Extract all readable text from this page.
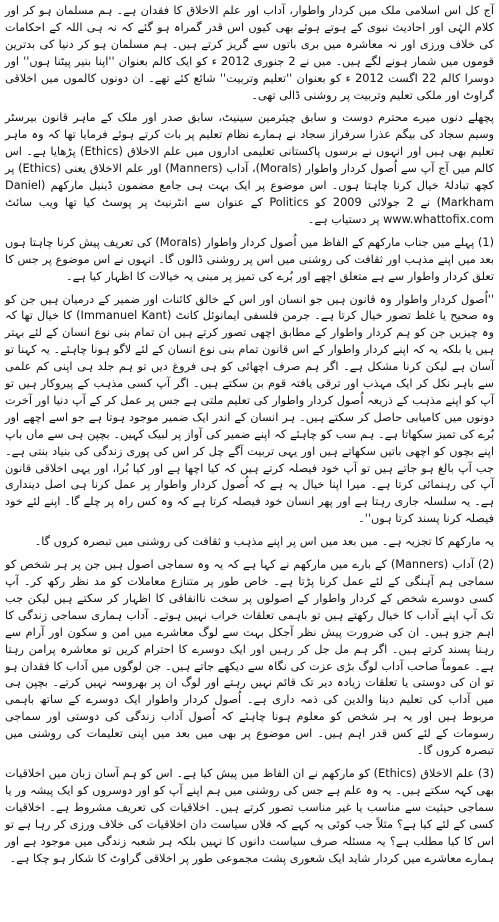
آج کل اس اسلامی ملک میں کردار واطوار، آداب اور علم الاخلاق کا فقدان ہے۔ ہم مسلمان ہو کر اور کلام الہٰی اور احادیث نبوی کے ہوتے ہوئے بھی کیوں اس قدر گمراہ ہو گئے کہ نہ ہی اللہ کے احکامات کی خلاف ورزی اور نہ معاشرہ میں بری باتوں سے گریز کرتے ہیں۔ ہم مسلمان ہو کر دنیا کی بدترین قوموں میں شمار ہونے لگے ہیں۔ میں نے 2 جنوری 2012 ء کو ایک کالم بعنوان ''اپنا بنیر پیٹنا ہوں'' اور دوسرا کالم 22 اگست 2012 ء کو بعنوان ''تعلیم وتربیت'' شائع کئے تھے۔ ان دونوں کالموں میں اخلاقی گراوٹ اور ملکی تعلیم وتربیت پر روشنی ڈالی تھی۔

پچھلے دنوں میرے محترم دوست و سابق چیئرمین سینیٹ، سابق صدر اور ملک کے ماہر قانون بیرسٹر وسیم سجاد کی بیگم عذرا سرفراز سجاد نے ہمارے نظام تعلیم پر بات کرتے ہوئے فرمایا تھا کہ وہ ماہر تعلیم بھی ہیں اور انہوں نے برسوں پاکستانی تعلیمی اداروں میں علم الاخلاق (Ethics) پڑھایا ہے۔ اس کالم میں آج آپ سے اُصول کردار واطوار (Morals)، آداب (Manners) اور علم الاخلاق یعنی (Ethics) پر کچھ تبادلۂ خیال کرنا چاہتا ہوں۔ اس موضوع پر ایک بہت ہی جامع مضمون ڈینیل مارکھم (Daniel Markham) نے 2 جولائی 2009 کو Politics کے عنوان سے انٹرنیٹ پر پوسٹ کیا تھا ویب سائٹ www.whattofix.com پر دستیاب ہے۔

(1) پہلے میں جناب مارکھم کے الفاظ میں اُصول کردار واطوار (Morals) کی تعریف پیش کرنا چاہتا ہوں بعد میں اپنے مذہب اور ثقافت کی روشنی میں اس پر روشنی ڈالوں گا۔ انہوں نے اس موضوع پر جس کا تعلق کردار واطوار سے ہے متعلق اچھے اور بُرے کی تمیز پر مبنی یہ خیالات کا اظہار کیا ہے۔

''اُصول کردار واطوار وہ قانون ہیں جو انسان اور اس کے خالق کائنات اور ضمیر کے درمیان ہیں جن کو وہ صحیح یا غلط تصور خیال کرتا ہے۔ جرمن فلسفی ایمانوئل کانٹ (Immanuel Kant) کا خیال تھا کہ وہ چیزیں جن کو ہم کردار واطوار کے مطابق اچھی تصور کرتے ہیں ان تمام بنی نوع انسان کے لئے بہتر ہیں یا بلکہ یہ کہ اپنے کردار واطوار کے اس قانون تمام بنی نوع انسان کے لئے لاگو ہونا چاہئے۔ یہ کہنا تو آسان ہے لیکن کرنا مشکل ہے۔ اگر ہم صرف اچھائی کو ہی فروغ دیں تو ہم جلد ہی اپنی کم علمی سے باہر نکل کر ایک مہذب اور ترقی یافتہ قوم بن سکتے ہیں۔ اگر آپ کسی مذہب کے پیروکار ہیں تو آپ کو اپنے مذہب کے ذریعہ اُصول کردار واطوار کی تعلیم ملتی ہے جس پر عمل کر کے آپ دنیا اور آخرت دونوں میں کامیابی حاصل کر سکتے ہیں۔ ہر انسان کے اندر ایک ضمیر موجود ہوتا ہے جو اسے اچھے اور بُرے کی تمیز سکھاتا ہے۔ ہم سب کو چاہئے کہ اپنے ضمیر کی آواز پر لبیک کہیں۔ بچپن ہی سے ماں باپ اپنے بچوں کو اچھی باتیں سکھاتے ہیں اور یہی تربیت آگے چل کر اس کی پوری زندگی کی بنیاد بنتی ہے۔ جب آپ بالغ ہو جاتے ہیں تو آپ خود فیصلہ کرتے ہیں کہ کیا اچھا ہے اور کیا بُرا، اور یہی اخلاقی قانون آپ کی رہنمائی کرتا ہے۔ میرا اپنا خیال یہ ہے کہ اُصول کردار واطوار پر عمل کرنا ہی اصل دینداری ہے۔ یہ سلسلہ جاری رہتا ہے اور پھر انسان خود فیصلہ کرتا ہے کہ وہ کس راہ پر چلے گا۔ اپنے لئے خود فیصلہ کرنا پسند کرتا ہوں''۔

یہ مارکھم کا تجزیہ ہے۔ میں بعد میں اس پر اپنے مذہب و ثقافت کی روشنی میں تبصرہ کروں گا۔

(2) آداب (Manners) کے بارے میں مارکھم نے کہا ہے کہ یہ وہ سماجی اصول ہیں جن پر ہر شخص کو سماجی ہم آہنگی کے لئے عمل کرنا پڑتا ہے۔ خاص طور پر متنازع معاملات کو مد نظر رکھ کر۔ آپ کسی دوسرے شخص کے کردار واطوار کے اصولوں پر سخت ناانفاقی کا اظہار کر سکتے ہیں لیکن جب تک آپ اپنے آداب کا خیال رکھتے ہیں تو باہمی تعلقات خراب نہیں ہوتے۔ آداب ہماری سماجی زندگی کا اہم جزو ہیں۔ ان کی ضرورت پیش نظر آجکل بہت سے لوگ معاشرے میں امن و سکون اور آرام سے رہنا پسند کرتے ہیں۔ اگر ہم مل جل کر رہیں اور ایک دوسرے کا احترام کریں تو معاشرہ پرامن رہتا ہے۔ عموماً صاحب آداب لوگ بڑی عزت کی نگاہ سے دیکھے جاتے ہیں۔ جن لوگوں میں آداب کا فقدان ہو تو ان کی دوستی یا تعلقات زیادہ دیر تک قائم نہیں رہتے اور لوگ ان پر بھروسہ نہیں کرتے۔ بچپن ہی میں آداب کی تعلیم دینا والدین کی ذمہ داری ہے۔ اُصول کردار واطوار ایک دوسرے کے ساتھ باہمی مربوط ہیں اور یہ ہر شخص کو معلوم ہونا چاہئے کہ اُصول آداب زندگی کی دوستی اور سماجی رسومات کے لئے کس قدر اہم ہیں۔ اس موضوع پر بھی میں بعد میں اپنی تعلیمات کی روشنی میں تبصرہ کروں گا۔

(3) علم الاخلاق (Ethics) کو مارکھم نے ان الفاظ میں پیش کیا ہے۔ اس کو ہم آسان زبان میں اخلاقیات بھی کہہ سکتے ہیں۔ یہ وہ علم ہے جس کی روشنی میں ہم اپنے آپ کو اور دوسروں کو ایک پیشہ ور یا سماجی حیثیت سے مناسب یا غیر مناسب تصور کرتے ہیں۔ اخلاقیات کی تعریف مشروط ہے۔ اخلاقیات کسی کے لئے کیا ہے؟ مثلاً جب کوئی یہ کہے کہ فلاں سیاست دان اخلاقیات کی خلاف ورزی کر رہا ہے تو اس کا کیا مطلب ہے؟ یہ مسئلہ صرف سیاست دانوں کا نہیں بلکہ ہر شعبہ زندگی میں موجود ہے اور ہمارے معاشرے میں کردار شاید ایک شعوری پشت مجموعی طور پر اخلاقی گراوٹ کا شکار ہو چکا ہے۔
